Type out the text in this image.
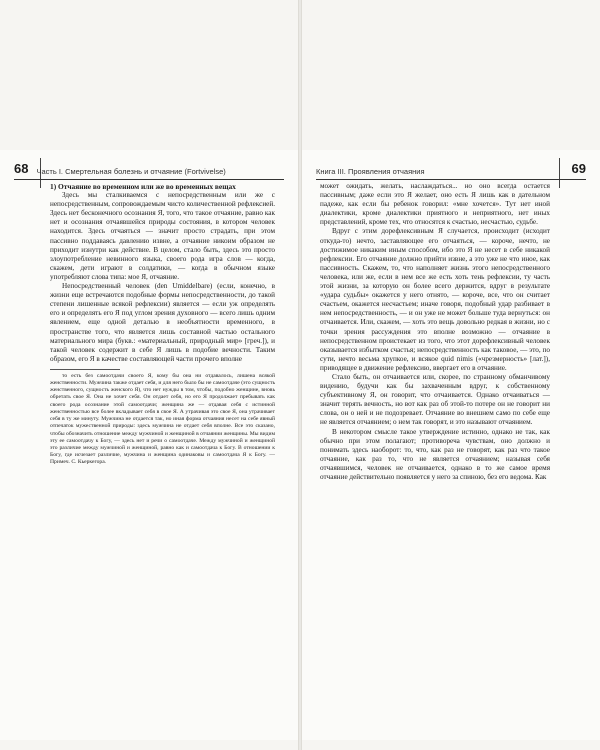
68 Часть I. Смертельная болезнь и отчаяние (Fortvivelse)

1) Отчаяние во временном или же во временных вещах

Здесь мы сталкиваемся с непосредственным или же с непосредственным, сопровождаемым чисто количественной рефлексией. Здесь нет бесконечного осознания Я, того, что такое отчаяние, равно как нет и осознания отчаявшейся природы состояния, в котором человек находится. Здесь отчаяться — значит просто страдать, при этом пассивно поддаваясь давлению извне, а отчаяние никоим образом не приходит изнутри как действие. В целом, стало быть, здесь это просто злоупотребление невинного языка, своего рода игра слов — когда, скажем, дети играют в солдатики, — когда в обычном языке употребляют слова типа: мое Я, отчаяние.

Непосредственный человек (den Umiddelbare) (если, конечно, в жизни еще встречаются подобные формы непосредственности, до такой степени лишенные всякой рефлексии) является — если уж определять его и определять его Я под углом зрения духовного — всего лишь одним явлением, еще одной деталью в необъятности временного, в пространстве того, что является лишь составной частью остального материального мира (букв.: «материальный, природный мир» [греч.]), и такой человек содержит в себе Я лишь в подобие вечности. Таким образом, его Я в качестве составляющей части прочего вполне

то есть без самоотдачи своего Я, кому бы она ни отдавалось, лишена всякой женственности. Мужчина также отдает себя, и для него было бы не самоотдаче (это сущность женственного, сущность женского Я), что нет нужды в том, чтобы, подобно женщине, вновь обретать свое Я. Она не хочет себя. Он отдает себя, но его Я продолжает пребывать как своего рода осознание этой самоотдачи; женщина же — отдавая себя с истинной женственностью все более вкладывает себя в свое Я. А утрачивая это свое Я, она утрачивает себя в ту же минуту. Мужчина не отдается так, но иная форма отчаяния несет на себе явный отпечаток мужественной природы: здесь мужчина не отдает себя вполне. Все это сказано, чтобы обозначить отношение между мужчиной и женщиной в отчаянии женщины. Мы видим эту ее самоотдачу к Богу, — здесь нет и речи о самоотдаче. Между мужчиной и женщиной это различие между мужчиной и женщиной, равно как и самоотдача к Богу. В отношении к Богу, где исчезает различие, мужчина и женщина одинаковы и самоотдача Я к Богу. — Примеч. С. Кьеркегора.

Книга III. Проявления отчаяния	69

может ожидать, желать, наслаждаться... но оно всегда остается пассивным; даже если это Я желает, оно есть Я лишь как в дательном падеже, как если бы ребенок говорил: «мне хочется». Тут нет иной диалектики, кроме диалектики приятного и неприятного, нет иных представлений, кроме тех, что относятся к счастью, несчастью, судьбе.

Вдруг с этим дорефлексивным Я случается, происходит (исходит откуда-то) нечто, заставляющее его отчаяться, — короче, нечто, не достижимое никаким иным способом, ибо это Я не несет в себе никакой рефлексии. Его отчаяние должно прийти извне, а это уже не что иное, как пассивность. Скажем, то, что наполняет жизнь этого непосредственного человека, или же, если в нем все же есть хоть тень рефлексии, ту часть этой жизни, за которую он более всего держится, вдруг в результате «удара судьбы» окажется у него отнято, — короче, все, что он считает счастьем, окажется несчастьем; иначе говоря, подобный удар разбивает в нем непосредственность, — и он уже не может больше туда вернуться: он отчаивается. Или, скажем, — хоть это вещь довольно редкая в жизни, но с точки зрения рассуждения это вполне возможно — отчаяние в непосредственном проистекает из того, что этот дорефлексивный человек оказывается избытком счастья; непосредственность как таковое, — это, по сути, нечто весьма хрупкое, и всякое quid nimis («чрезмерность» [лат.]), приводящее в движение рефлексию, ввергает его в отчаяние.

Стало быть, он отчаивается или, скорее, по странному обманчивому видению, будучи как бы захваченным вдруг, к собственному субъективному Я, он говорит, что отчаивается. Однако отчаиваться — значит терять вечность, но вот как раз об этой-то потере он не говорит ни слова, он о ней и не подозревает. Отчаяние во внешнем само по себе еще не является отчаянием; о нем так говорят, и это называют отчаянием.

В некотором смысле такое утверждение истинно, однако не так, как обычно при этом полагают; противореча чувствам, оно должно и понимать здесь наоборот: то, что, как раз не говорят, как раз что такое отчаяние, как раз то, что не является отчаянием; называя себя отчаявшимся, человек не отчаивается, однако в то же самое время отчаяние действительно появляется у него за спиною, без его ведома. Как
